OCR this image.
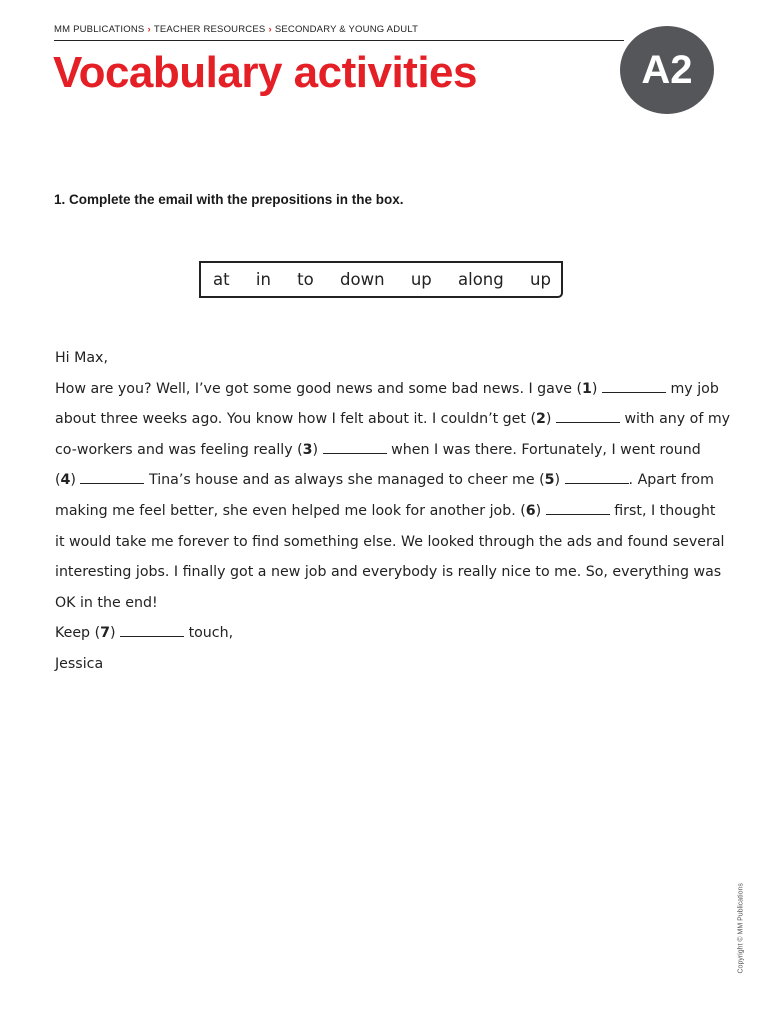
MM PUBLICATIONS › TEACHER RESOURCES › SECONDARY & YOUNG ADULT
Vocabulary activities	A2

1. Complete the email with the prepositions in the box.

at in to down up along up
Hi Max,
How are you? Well, I’ve got some good news and some bad news. I gave (1)	my job
about three weeks ago. You know how I felt about it. I couldn’t get (2)	with any of my
co-workers and was feeling really (3)	when I was there. Fortunately, I went round
(4)	Tina’s house and as always she managed to cheer me (5)	. Apart from
making me feel better, she even helped me look for another job. (6)	first, I thought
it would take me forever to find something else. We looked through the ads and found several
interesting jobs. I finally got a new job and everybody is really nice to me. So, everything was
OK in the end!
Keep (7)	touch,
Jessica
Copyright © MM Publications
